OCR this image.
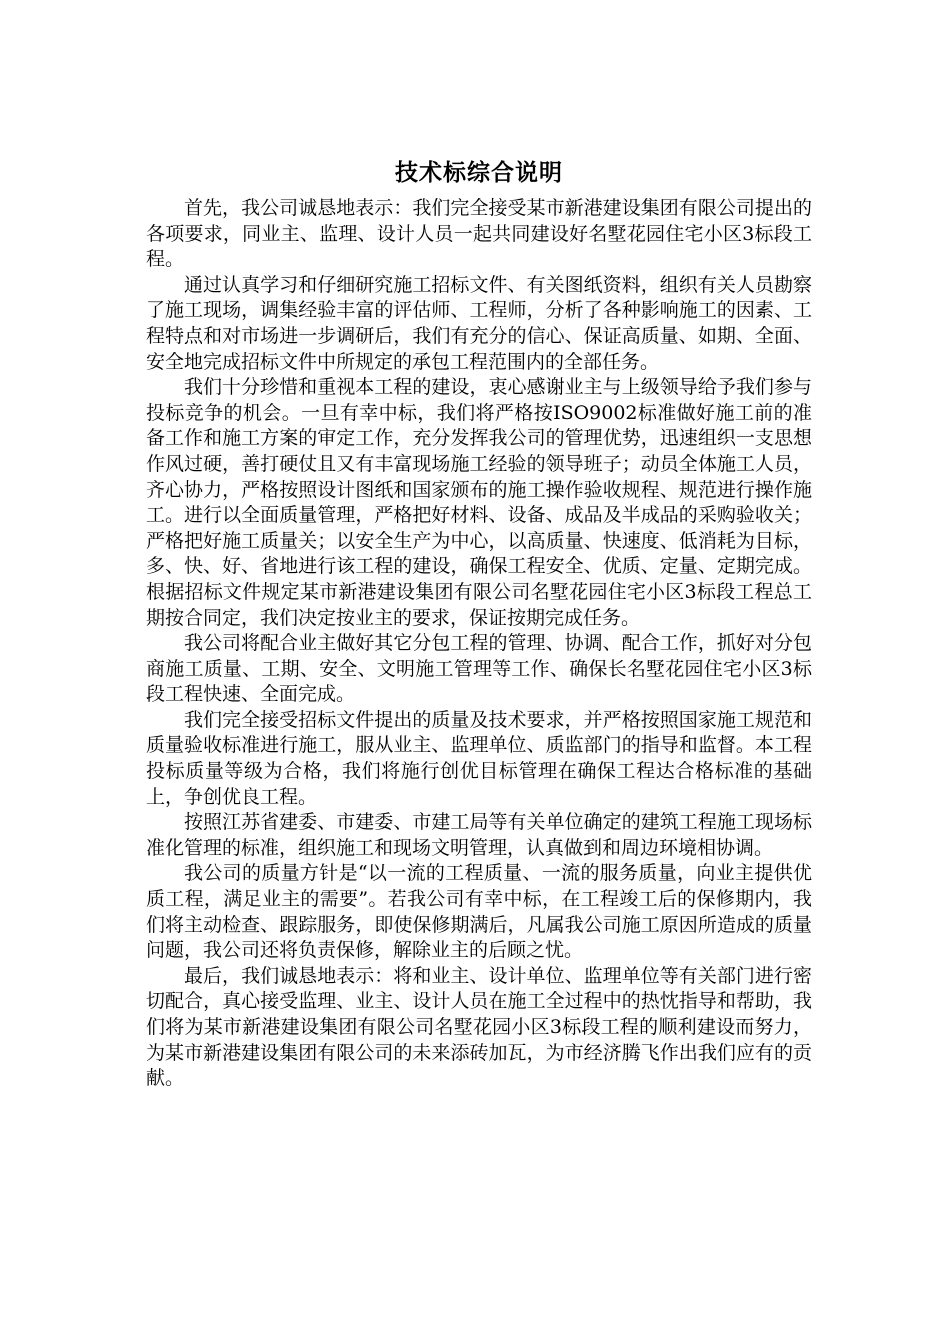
技术标综合说明

首先，我公司诚恳地表示：我们完全接受某市新港建设集团有限公司提出的各项要求，同业主、监理、设计人员一起共同建设好名墅花园住宅小区3标段工程。

通过认真学习和仔细研究施工招标文件、有关图纸资料，组织有关人员勘察了施工现场，调集经验丰富的评估师、工程师，分析了各种影响施工的因素、工程特点和对市场进一步调研后，我们有充分的信心、保证高质量、如期、全面、安全地完成招标文件中所规定的承包工程范围内的全部任务。

我们十分珍惜和重视本工程的建设，衷心感谢业主与上级领导给予我们参与投标竞争的机会。一旦有幸中标，我们将严格按ISO9002标准做好施工前的准备工作和施工方案的审定工作，充分发挥我公司的管理优势，迅速组织一支思想作风过硬，善打硬仗且又有丰富现场施工经验的领导班子；动员全体施工人员，齐心协力，严格按照设计图纸和国家颁布的施工操作验收规程、规范进行操作施工。进行以全面质量管理，严格把好材料、设备、成品及半成品的采购验收关；严格把好施工质量关；以安全生产为中心，以高质量、快速度、低消耗为目标，多、快、好、省地进行该工程的建设，确保工程安全、优质、定量、定期完成。根据招标文件规定某市新港建设集团有限公司名墅花园住宅小区3标段工程总工期按合同定，我们决定按业主的要求，保证按期完成任务。

我公司将配合业主做好其它分包工程的管理、协调、配合工作，抓好对分包商施工质量、工期、安全、文明施工管理等工作、确保长名墅花园住宅小区3标段工程快速、全面完成。

我们完全接受招标文件提出的质量及技术要求，并严格按照国家施工规范和质量验收标准进行施工，服从业主、监理单位、质监部门的指导和监督。本工程投标质量等级为合格，我们将施行创优目标管理在确保工程达合格标准的基础上，争创优良工程。

按照江苏省建委、市建委、市建工局等有关单位确定的建筑工程施工现场标准化管理的标准，组织施工和现场文明管理，认真做到和周边环境相协调。

我公司的质量方针是“以一流的工程质量、一流的服务质量，向业主提供优质工程，满足业主的需要”。若我公司有幸中标，在工程竣工后的保修期内，我们将主动检查、跟踪服务，即使保修期满后，凡属我公司施工原因所造成的质量问题，我公司还将负责保修，解除业主的后顾之忧。

最后，我们诚恳地表示：将和业主、设计单位、监理单位等有关部门进行密切配合，真心接受监理、业主、设计人员在施工全过程中的热忱指导和帮助，我们将为某市新港建设集团有限公司名墅花园小区3标段工程的顺利建设而努力，为某市新港建设集团有限公司的未来添砖加瓦，为市经济腾飞作出我们应有的贡献。
